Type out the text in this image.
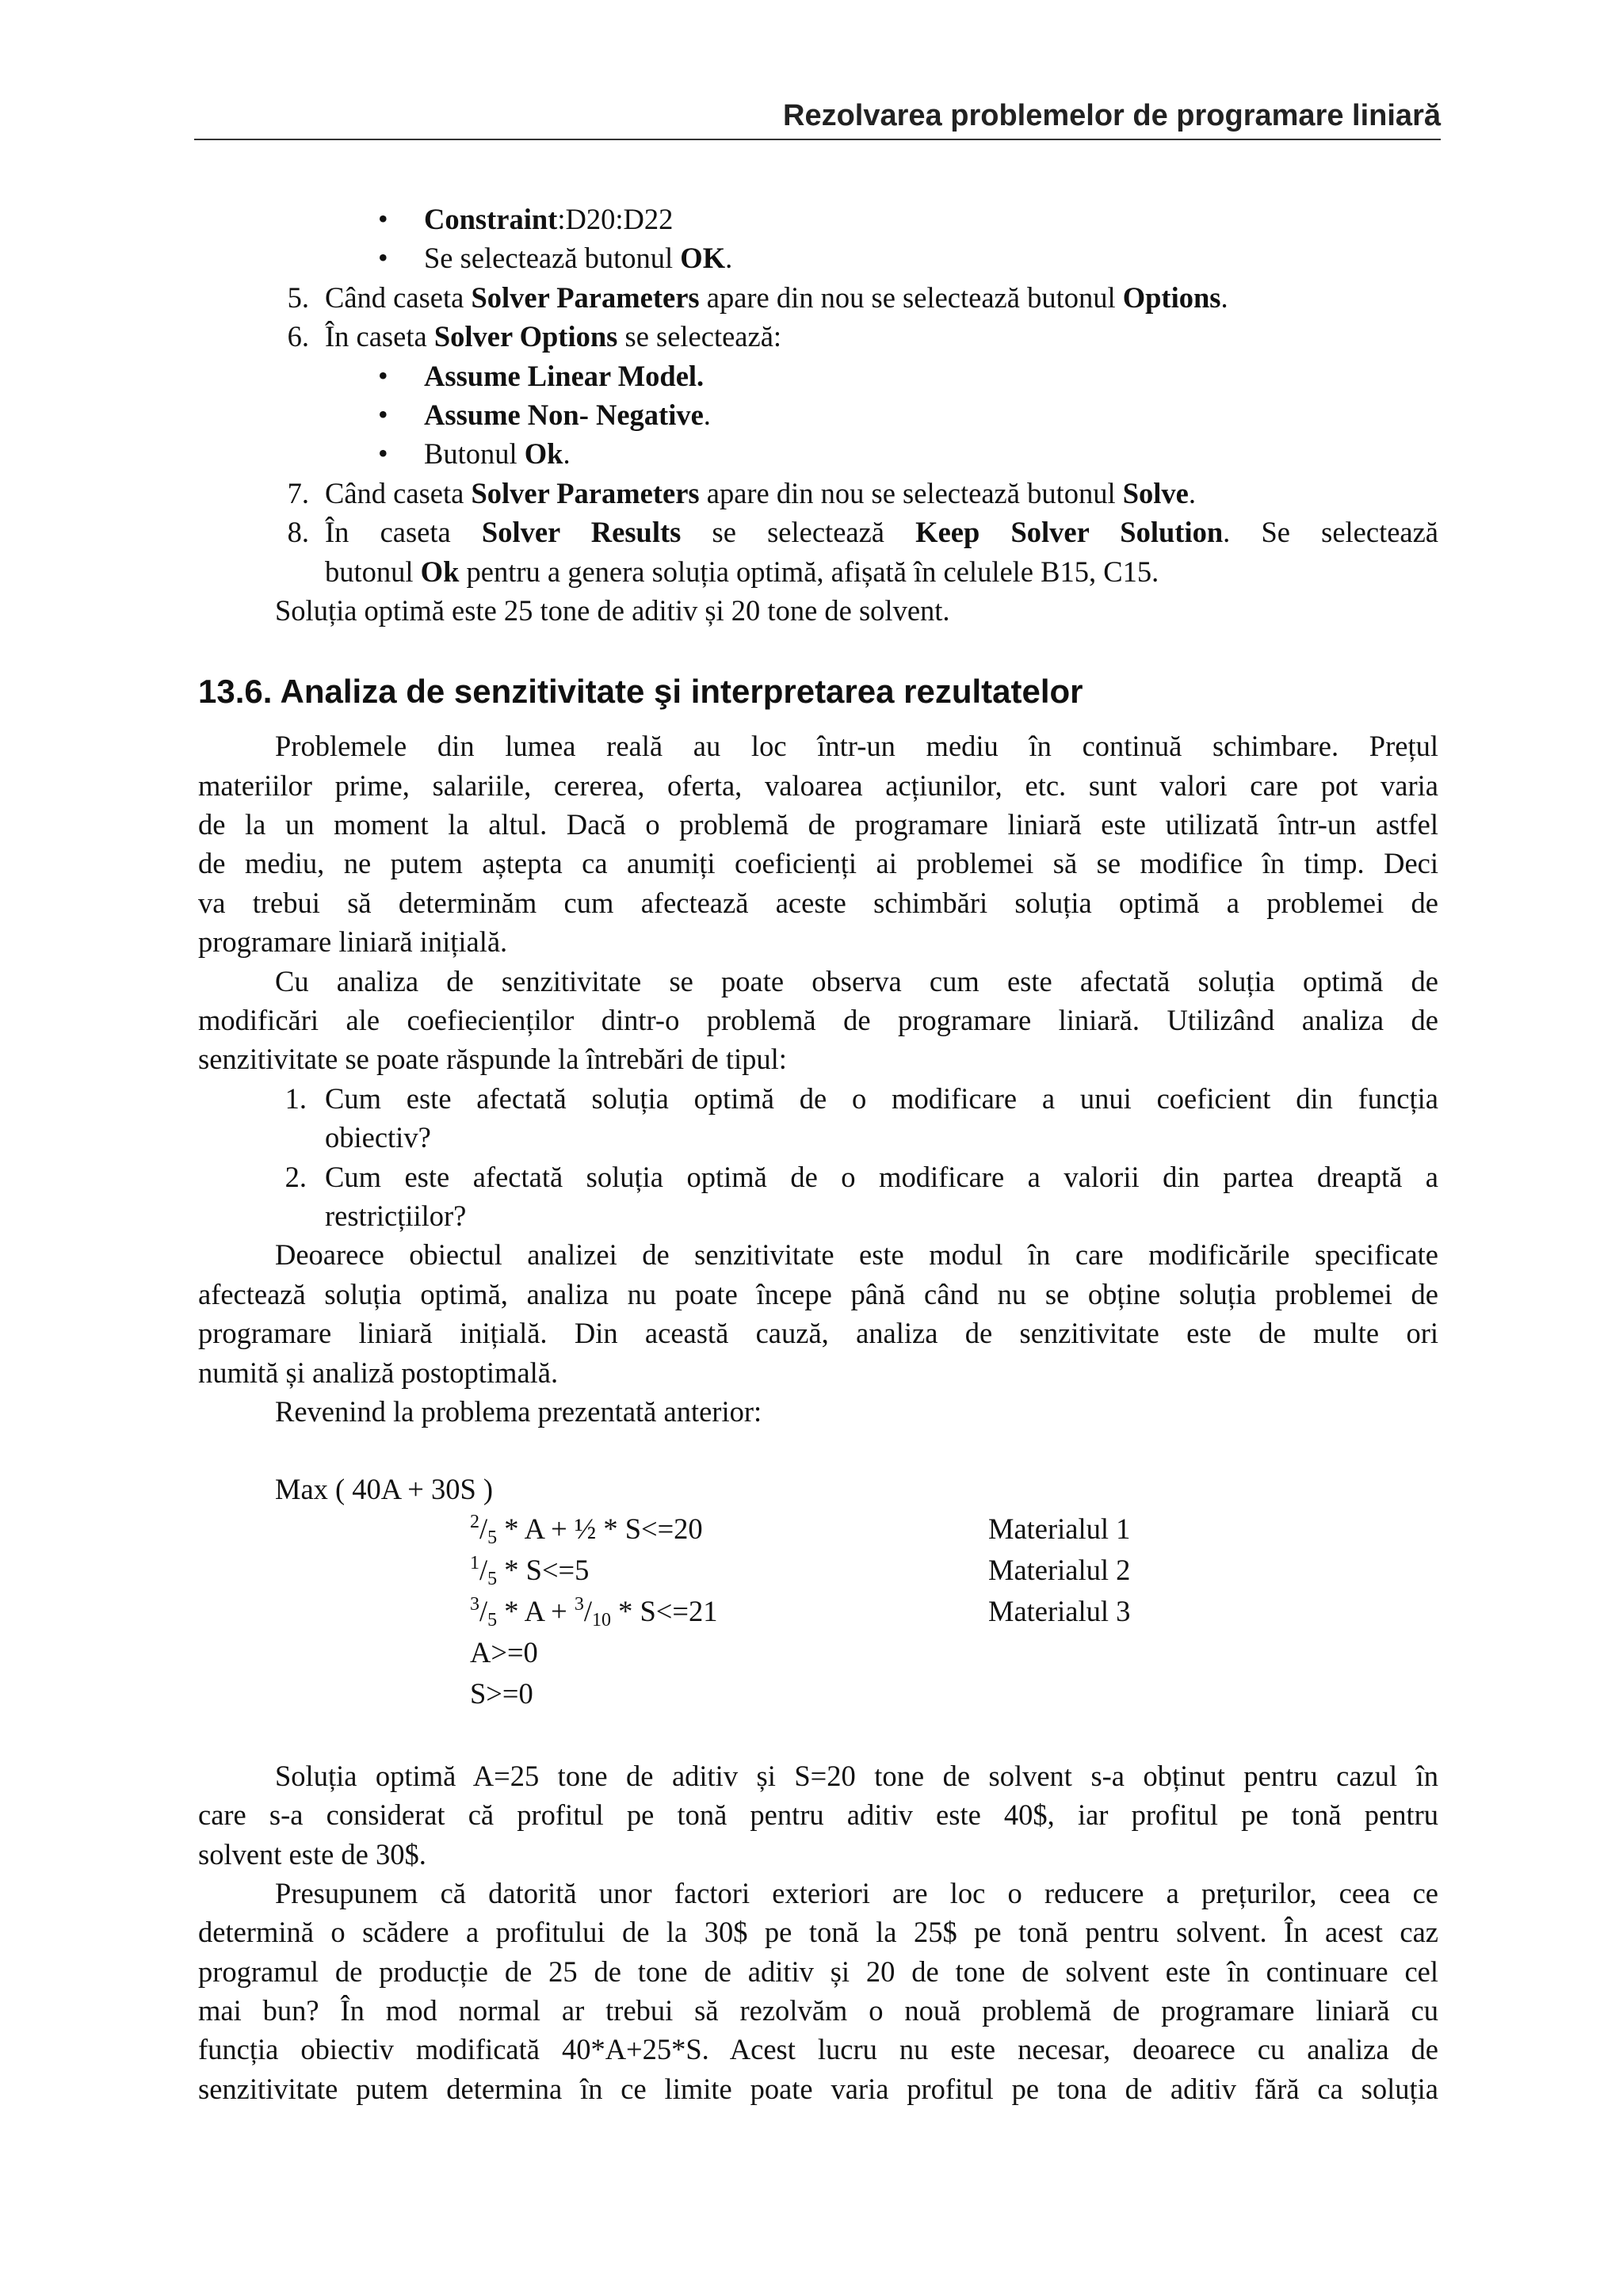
Rezolvarea problemelor de programare liniară
•	Constraint:D20:D22
•	Se selectează butonul OK.
5. Când caseta Solver Parameters apare din nou se selectează butonul Options.
6. În caseta Solver Options se selectează:
•	Assume Linear Model.
•	Assume Non- Negative.
•	Butonul Ok.
7. Când caseta Solver Parameters apare din nou se selectează butonul Solve.
8. În caseta Solver Results se selectează Keep Solver Solution. Se selectează
butonul Ok pentru a genera soluția optimă, afișată în celulele B15, C15.
Soluția optimă este 25 tone de aditiv și 20 tone de solvent.
13.6. Analiza de senzitivitate şi interpretarea rezultatelor
Problemele din lumea reală au loc într-un mediu în continuă schimbare. Prețul
materiilor prime, salariile, cererea, oferta, valoarea acțiunilor, etc. sunt valori care pot varia
de la un moment la altul. Dacă o problemă de programare liniară este utilizată într-un astfel
de mediu, ne putem aștepta ca anumiți coeficienți ai problemei să se modifice în timp. Deci
va trebui să determinăm cum afectează aceste schimbări soluția optimă a problemei de
programare liniară inițială.
Cu analiza de senzitivitate se poate observa cum este afectată soluția optimă de
modificări ale coefiecienților dintr-o problemă de programare liniară. Utilizând analiza de
senzitivitate se poate răspunde la întrebări de tipul:
1. Cum este afectată soluția optimă de o modificare a unui coeficient din funcția
obiectiv?
2. Cum este afectată soluția optimă de o modificare a valorii din partea dreaptă a
restricțiilor?
Deoarece obiectul analizei de senzitivitate este modul în care modificările specificate
afectează soluția optimă, analiza nu poate începe până când nu se obține soluția problemei de
programare liniară inițială. Din această cauză, analiza de senzitivitate este de multe ori
numită și analiză postoptimală.
Revenind la problema prezentată anterior:
Max ( 40A + 30S )
$^2/_5$ * A + ½ * S<=20	Materialul 1
$^1/_5 * S<=5$	Materialul 2
$^3/_5 * A + ^3/_{10} * S<=21$	Materialul 3
A>=0
S>=0
Soluția optimă A=25 tone de aditiv și S=20 tone de solvent s-a obținut pentru cazul în
care s-a considerat că profitul pe tonă pentru aditiv este 40$, iar profitul pe tonă pentru
solvent este de 30$.
Presupunem că datorită unor factori exteriori are loc o reducere a prețurilor, ceea ce
determină o scădere a profitului de la 30$ pe tonă la 25$ pe tonă pentru solvent. În acest caz
programul de producție de 25 de tone de aditiv și 20 de tone de solvent este în continuare cel
mai bun? În mod normal ar trebui să rezolvăm o nouă problemă de programare liniară cu
funcția obiectiv modificată 40*A+25*S. Acest lucru nu este necesar, deoarece cu analiza de
senzitivitate putem determina în ce limite poate varia profitul pe tona de aditiv fără ca soluția
